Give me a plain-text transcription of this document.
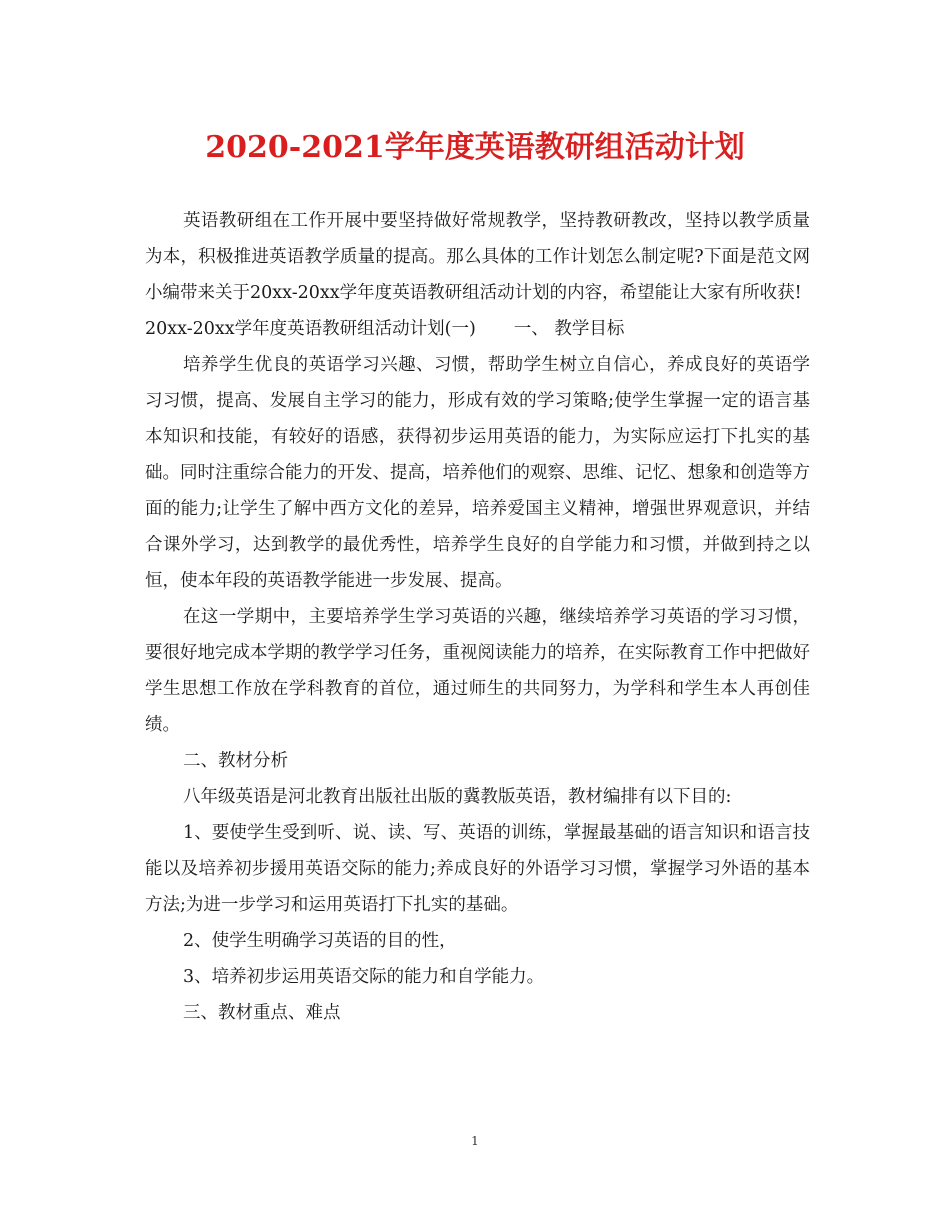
2020-2021学年度英语教研组活动计划

英语教研组在工作开展中要坚持做好常规教学，坚持教研教改，坚持以教学质量为本，积极推进英语教学质量的提高。那么具体的工作计划怎么制定呢?下面是范文网小编带来关于20xx-20xx学年度英语教研组活动计划的内容，希望能让大家有所收获!

20xx-20xx学年度英语教研组活动计划(一) 一、 教学目标

培养学生优良的英语学习兴趣、习惯，帮助学生树立自信心，养成良好的英语学习习惯，提高、发展自主学习的能力，形成有效的学习策略;使学生掌握一定的语言基本知识和技能，有较好的语感，获得初步运用英语的能力，为实际应运打下扎实的基础。同时注重综合能力的开发、提高，培养他们的观察、思维、记忆、想象和创造等方面的能力;让学生了解中西方文化的差异，培养爱国主义精神，增强世界观意识，并结合课外学习，达到教学的最优秀性，培养学生良好的自学能力和习惯，并做到持之以恒，使本年段的英语教学能进一步发展、提高。

在这一学期中，主要培养学生学习英语的兴趣，继续培养学习英语的学习习惯，要很好地完成本学期的教学学习任务，重视阅读能力的培养，在实际教育工作中把做好学生思想工作放在学科教育的首位，通过师生的共同努力，为学科和学生本人再创佳绩。

二、教材分析

八年级英语是河北教育出版社出版的冀教版英语，教材编排有以下目的:

1、要使学生受到听、说、读、写、英语的训练，掌握最基础的语言知识和语言技能以及培养初步援用英语交际的能力;养成良好的外语学习习惯，掌握学习外语的基本方法;为进一步学习和运用英语打下扎实的基础。

2、使学生明确学习英语的目的性，

3、培养初步运用英语交际的能力和自学能力。

三、教材重点、难点

1
